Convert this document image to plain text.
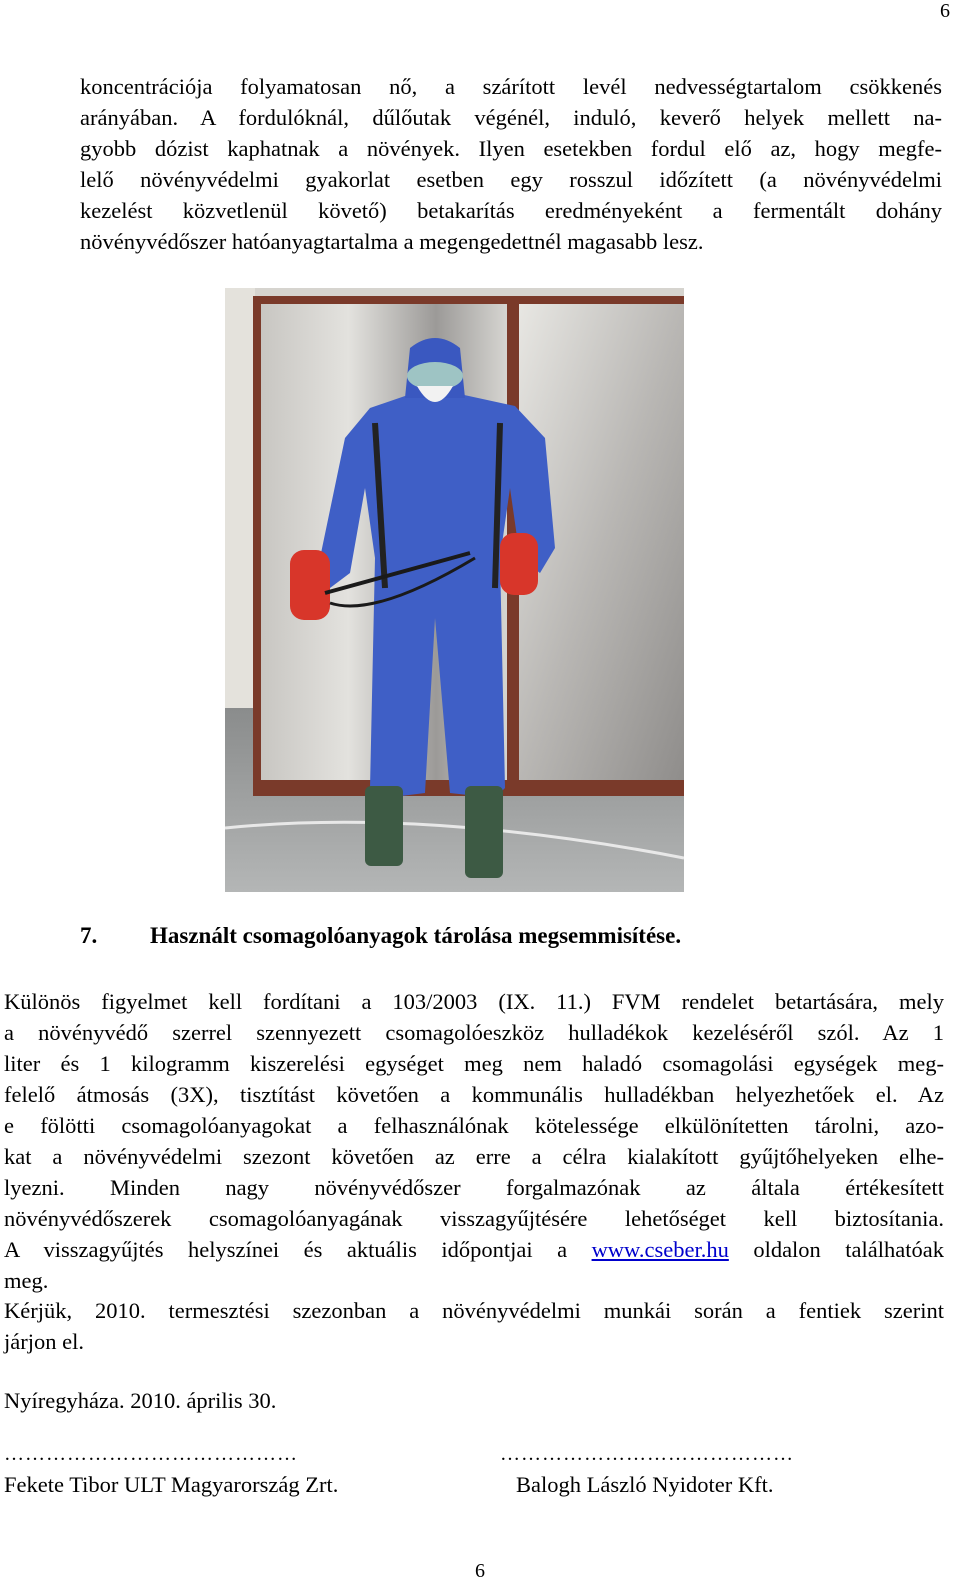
6
koncentrációja folyamatosan nő, a szárított levél nedvességtartalom csökkenés
arányában. A fordulóknál, dűlőutak végénél, induló, keverő helyek mellett na-
gyobb dózist kaphatnak a növények. Ilyen esetekben fordul elő az, hogy megfe-
lelő növényvédelmi gyakorlat esetben egy rosszul időzített (a növényvédelmi
kezelést közvetlenül követő) betakarítás eredményeként a fermentált dohány
növényvédőszer hatóanyagtartalma a megengedettnél magasabb lesz.
7. Használt csomagolóanyagok tárolása megsemmisítése.
Különös figyelmet kell fordítani a 103/2003 (IX. 11.) FVM rendelet betartására, mely
a növényvédő szerrel szennyezett csomagolóeszköz hulladékok kezeléséről szól. Az 1
liter és 1 kilogramm kiszerelési egységet meg nem haladó csomagolási egységek meg-
felelő átmosás (3X), tisztítást követően a kommunális hulladékban helyezhetőek el. Az
e fölötti csomagolóanyagokat a felhasználónak kötelessége elkülönítetten tárolni, azo-
kat a növényvédelmi szezont követően az erre a célra kialakított gyűjtőhelyeken elhe-
lyezni. Minden nagy növényvédőszer forgalmazónak az általa értékesített
növényvédőszerek csomagolóanyagának visszagyűjtésére lehetőséget kell biztosítania.
A visszagyűjtés helyszínei és aktuális időpontjai a www.cseber.hu oldalon találhatóak
meg.
Kérjük, 2010. termesztési szezonban a növényvédelmi munkái során a fentiek szerint
járjon el.
Nyíregyháza. 2010. április 30.
……………………………………	……………………………………
Fekete Tibor ULT Magyarország Zrt.	Balogh László Nyidoter Kft.
6
